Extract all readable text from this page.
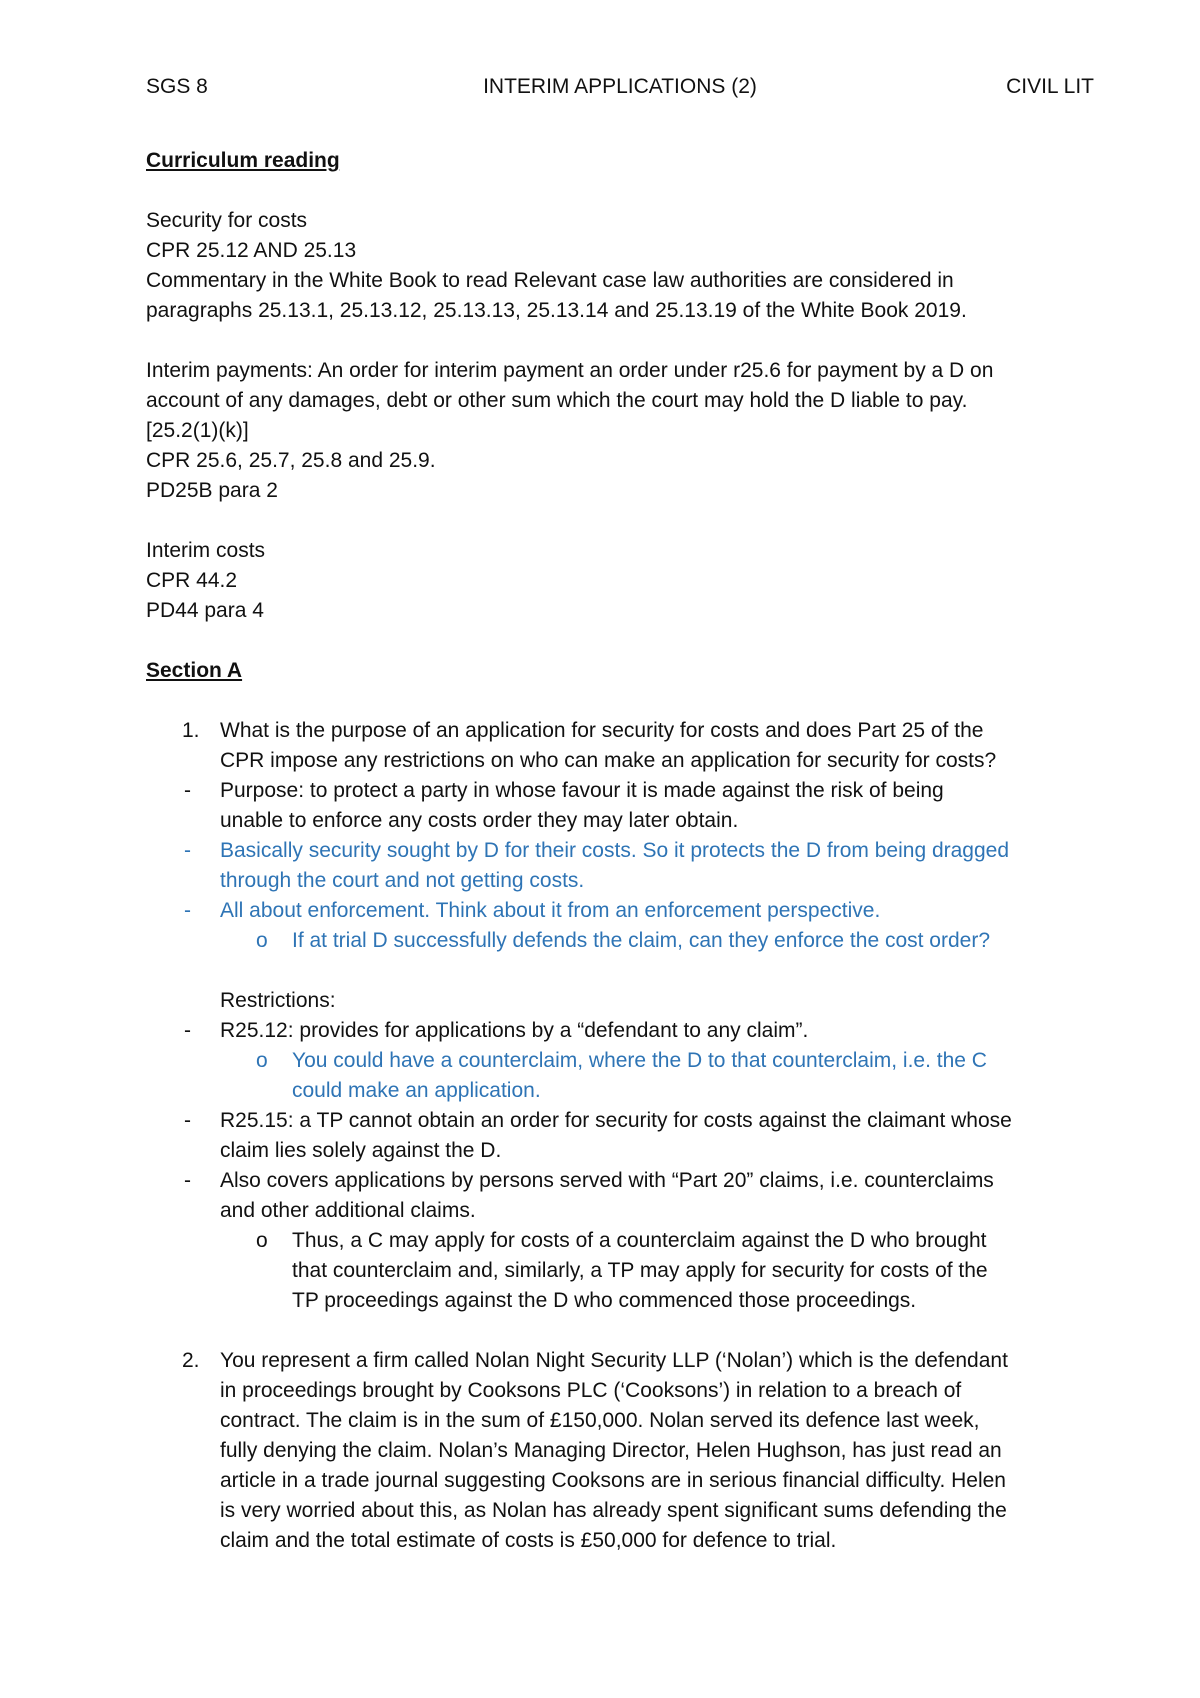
SGS 8	INTERIM APPLICATIONS (2)	CIVIL LIT

Curriculum reading

Security for costs

CPR 25.12 AND 25.13

Commentary in the White Book to read Relevant case law authorities are considered in

paragraphs 25.13.1, 25.13.12, 25.13.13, 25.13.14 and 25.13.19 of the White Book 2019.

Interim payments: An order for interim payment an order under r25.6 for payment by a D on

account of any damages, debt or other sum which the court may hold the D liable to pay.

[25.2(1)(k)]

CPR 25.6, 25.7, 25.8 and 25.9.

PD25B para 2

Interim costs

CPR 44.2

PD44 para 4

Section A

1. What is the purpose of an application for security for costs and does Part 25 of the

CPR impose any restrictions on who can make an application for security for costs?

- Purpose: to protect a party in whose favour it is made against the risk of being

unable to enforce any costs order they may later obtain.

- Basically security sought by D for their costs. So it protects the D from being dragged

through the court and not getting costs.

- All about enforcement. Think about it from an enforcement perspective.

o If at trial D successfully defends the claim, can they enforce the cost order?

Restrictions:

- R25.12: provides for applications by a “defendant to any claim”.

o You could have a counterclaim, where the D to that counterclaim, i.e. the C

could make an application.

- R25.15: a TP cannot obtain an order for security for costs against the claimant whose

claim lies solely against the D.

- Also covers applications by persons served with “Part 20” claims, i.e. counterclaims

and other additional claims.

o Thus, a C may apply for costs of a counterclaim against the D who brought

that counterclaim and, similarly, a TP may apply for security for costs of the

TP proceedings against the D who commenced those proceedings.

2. You represent a firm called Nolan Night Security LLP (‘Nolan’) which is the defendant

in proceedings brought by Cooksons PLC (‘Cooksons’) in relation to a breach of

contract. The claim is in the sum of £150,000. Nolan served its defence last week,

fully denying the claim. Nolan’s Managing Director, Helen Hughson, has just read an

article in a trade journal suggesting Cooksons are in serious financial difficulty. Helen

is very worried about this, as Nolan has already spent significant sums defending the

claim and the total estimate of costs is £50,000 for defence to trial.
